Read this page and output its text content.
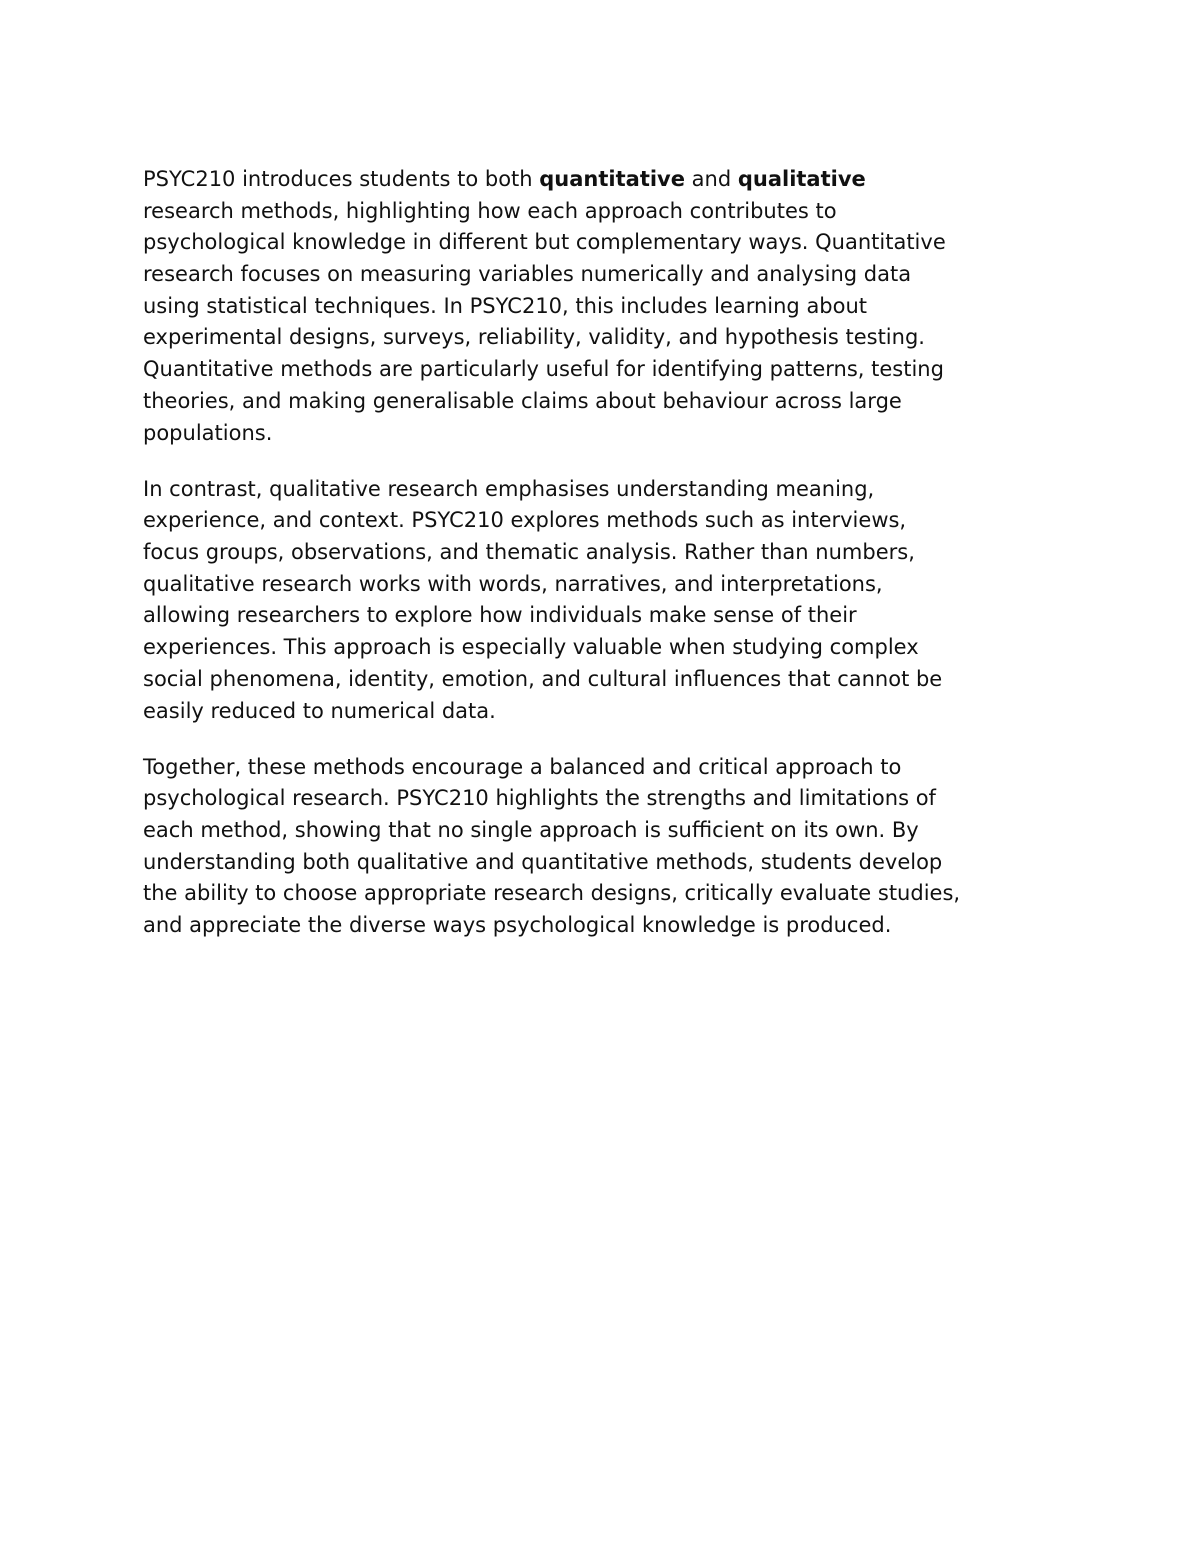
PSYC210 introduces students to both quantitative and qualitative
research methods, highlighting how each approach contributes to
psychological knowledge in different but complementary ways. Quantitative
research focuses on measuring variables numerically and analysing data
using statistical techniques. In PSYC210, this includes learning about
experimental designs, surveys, reliability, validity, and hypothesis testing.
Quantitative methods are particularly useful for identifying patterns, testing
theories, and making generalisable claims about behaviour across large
populations.
In contrast, qualitative research emphasises understanding meaning,
experience, and context. PSYC210 explores methods such as interviews,
focus groups, observations, and thematic analysis. Rather than numbers,
qualitative research works with words, narratives, and interpretations,
allowing researchers to explore how individuals make sense of their
experiences. This approach is especially valuable when studying complex
social phenomena, identity, emotion, and cultural influences that cannot be
easily reduced to numerical data.
Together, these methods encourage a balanced and critical approach to
psychological research. PSYC210 highlights the strengths and limitations of
each method, showing that no single approach is sufficient on its own. By
understanding both qualitative and quantitative methods, students develop
the ability to choose appropriate research designs, critically evaluate studies,
and appreciate the diverse ways psychological knowledge is produced.
